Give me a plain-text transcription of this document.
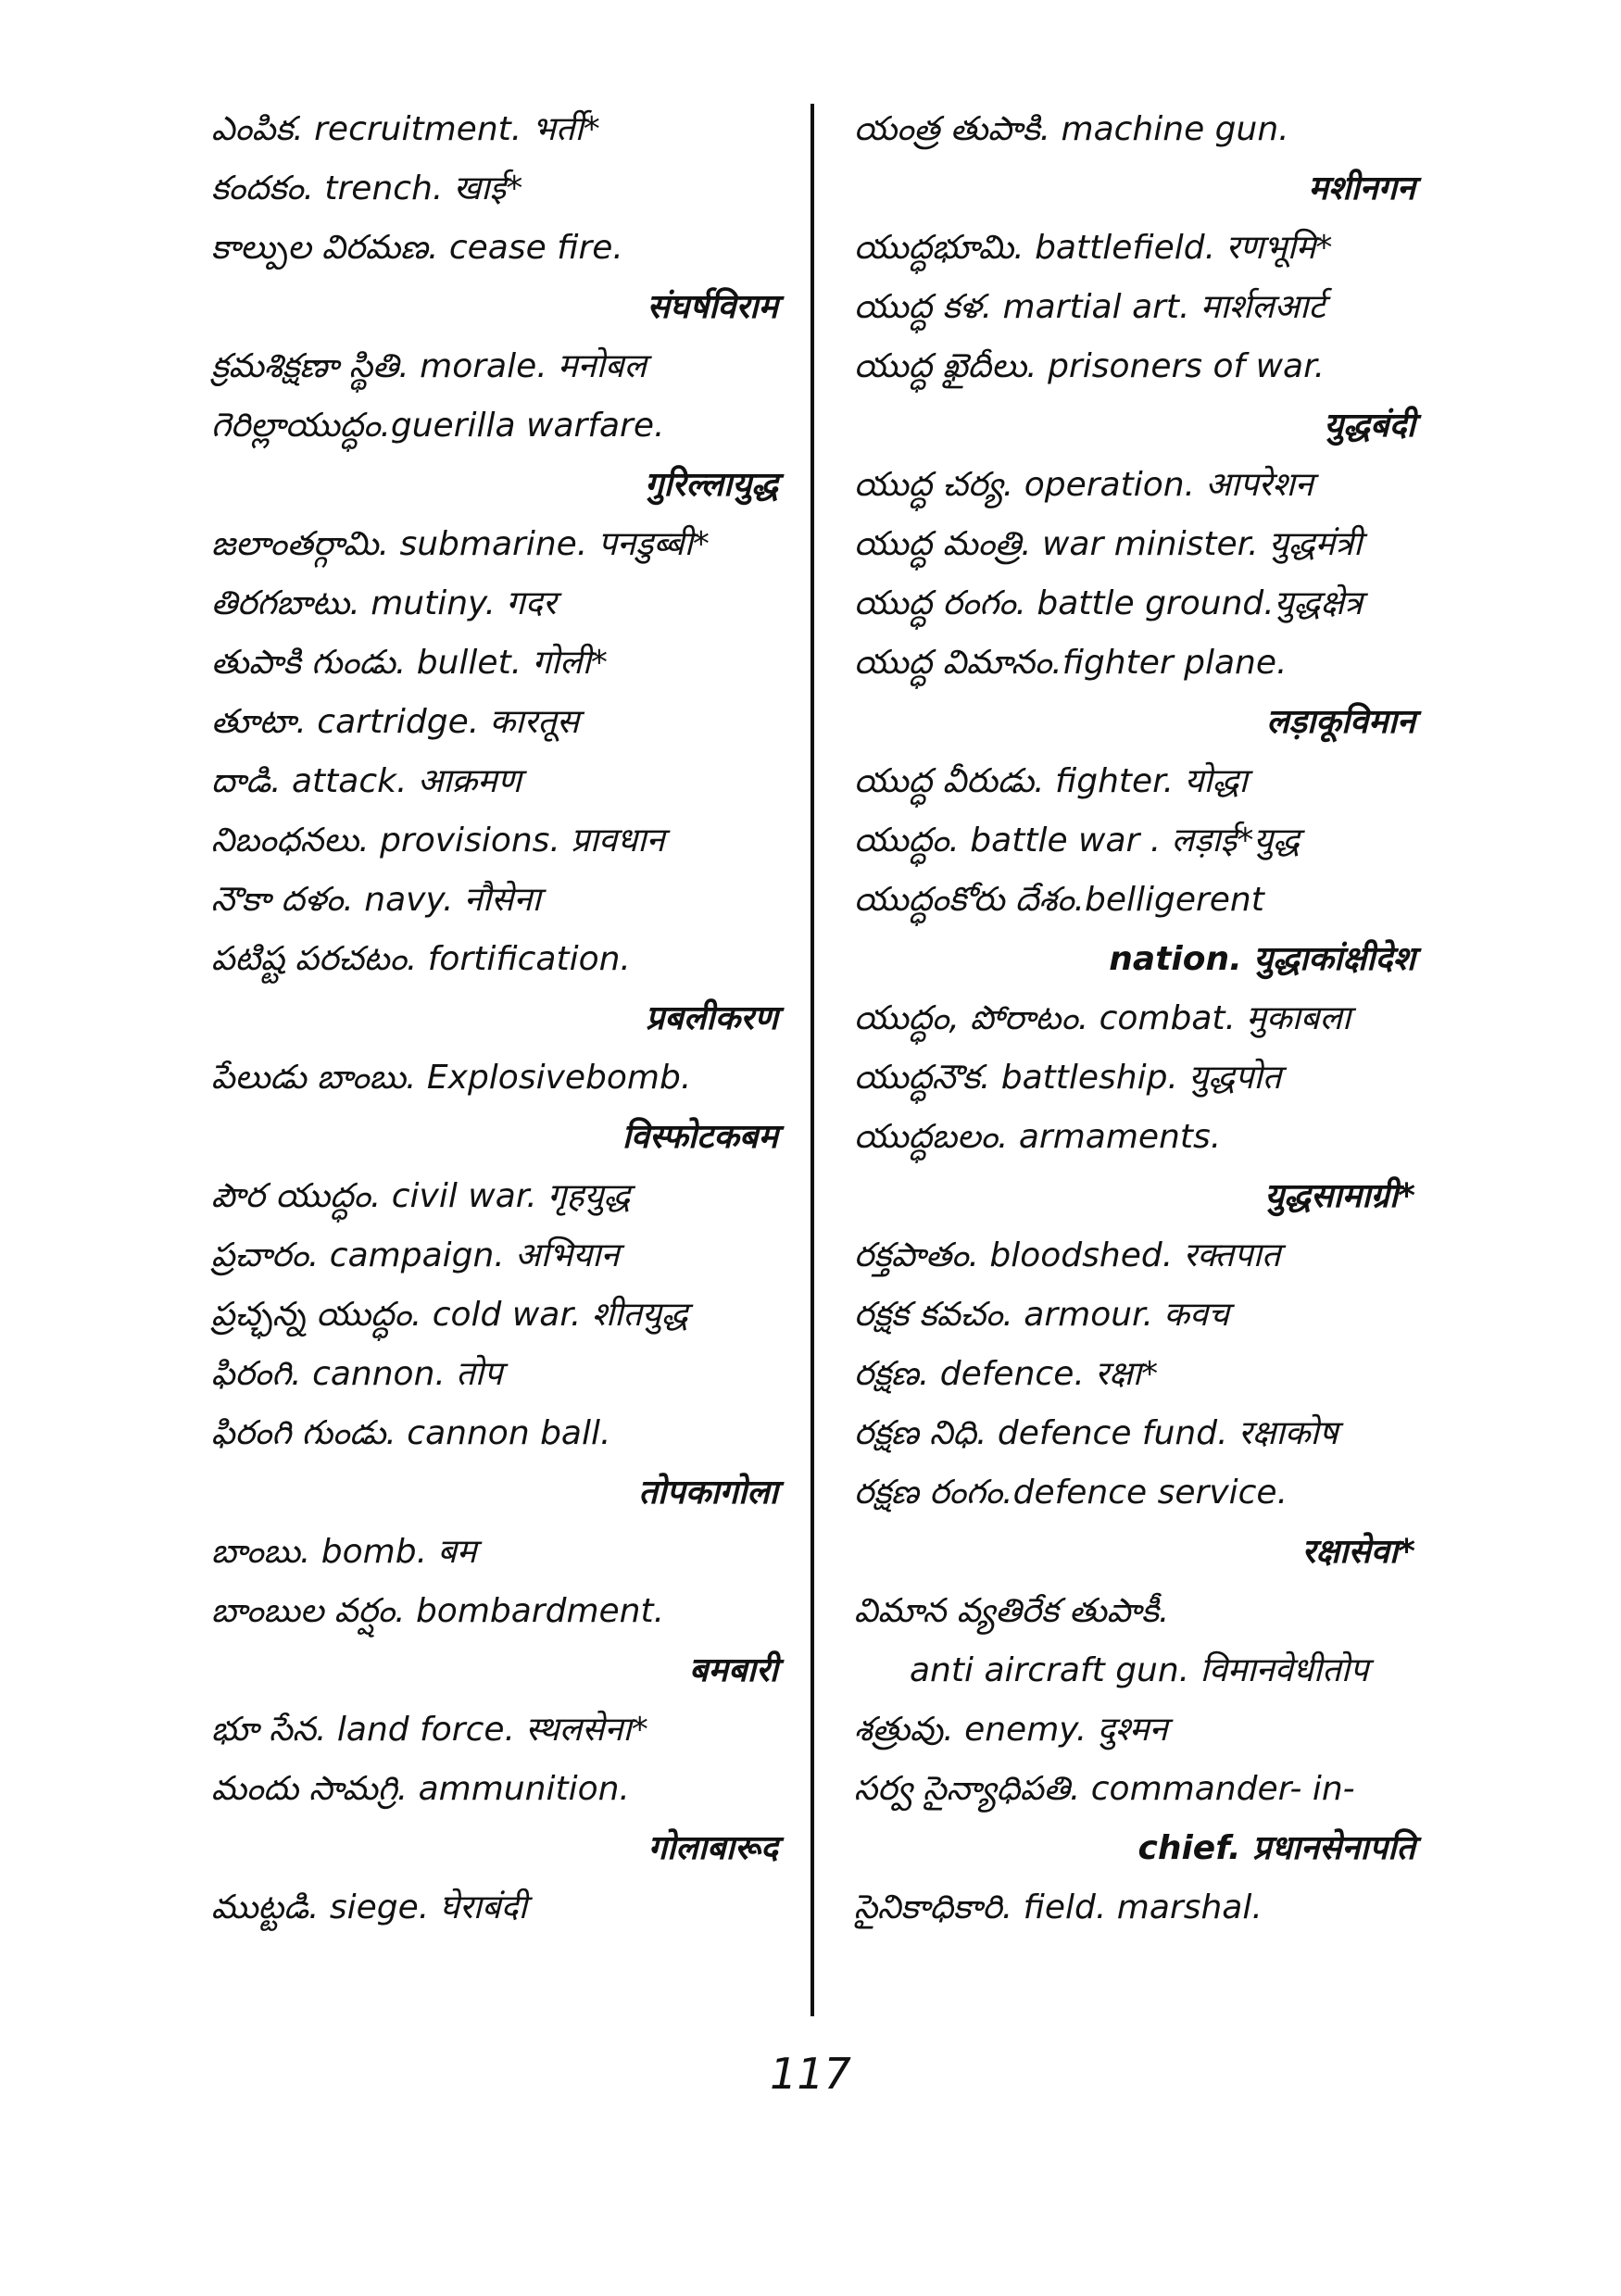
ఎంపిక. recruitment. भर्ती*
కందకం. trench. खाई*
కాల్పుల విరమణ. cease fire.
संघर्षविराम
క్రమశిక్షణా స్థితి. morale. मनोबल
గెరిల్లాయుద్ధం.guerilla warfare.
गुरिल्लायुद्ध
జలాంతర్గామి. submarine. पनडुब्बी*
తిరగబాటు. mutiny. गदर
తుపాకి గుండు. bullet. गोली*
తూటా. cartridge. कारतूस
దాడి. attack. आक्रमण
నిబంధనలు. provisions. प्रावधान
నౌకా దళం. navy. नौसेना
పటిష్ట పరచటం. fortification.
प्रबलीकरण
పేలుడు బాంబు. Explosivebomb.
विस्फोटकबम
పౌర యుద్ధం. civil war. गृहयुद्ध
ప్రచారం. campaign. अभियान
ప్రచ్ఛన్న యుద్ధం. cold war. शीतयुद्ध
ఫిరంగి. cannon. तोप
ఫిరంగి గుండు. cannon ball.
तोपकागोला
బాంబు. bomb. बम
బాంబుల వర్షం. bombardment.
बमबारी
భూ సేన. land force. स्थलसेना*
మందు సామగ్రి. ammunition.
गोलाबारूद
ముట్టడి. siege. घेराबंदी
యంత్ర తుపాకి. machine gun.
मशीनगन
యుద్ధభూమి. battlefield. रणभूमि*
యుద్ధ కళ. martial art. मार्शलआर्ट
యుద్ధ ఖైదీలు. prisoners of war.
युद्धबंदी
యుద్ధ చర్య. operation. आपरेशन
యుద్ధ మంత్రి. war minister. युद्धमंत्री
యుద్ధ రంగం. battle ground.युद्धक्षेत्र
యుద్ధ విమానం.fighter plane.
लड़ाकूविमान
యుద్ధ వీరుడు. fighter. योद्धा
యుద్ధం. battle war . लड़ाई*युद्ध
యుద్ధంకోరు దేశం.belligerent
nation. युद्धाकांक्षीदेश
యుద్ధం, పోరాటం. combat. मुकाबला
యుద్ధనౌక. battleship. युद्धपोत
యుద్ధబలం. armaments.
युद्धसामाग्री*
రక్తపాతం. bloodshed. रक्तपात
రక్షక కవచం. armour. कवच
రక్షణ. defence. रक्षा*
రక్షణ నిధి. defence fund. रक्षाकोष
రక్షణ రంగం.defence service.
रक्षासेवा*
విమాన వ్యతిరేక తుపాకీ.
anti aircraft gun. विमानवेधीतोप
శత్రువు. enemy. दुश्मन
సర్వ సైన్యాధిపతి. commander- in-
chief. प्रधानसेनापति
సైనికాధికారి. field. marshal.
117
